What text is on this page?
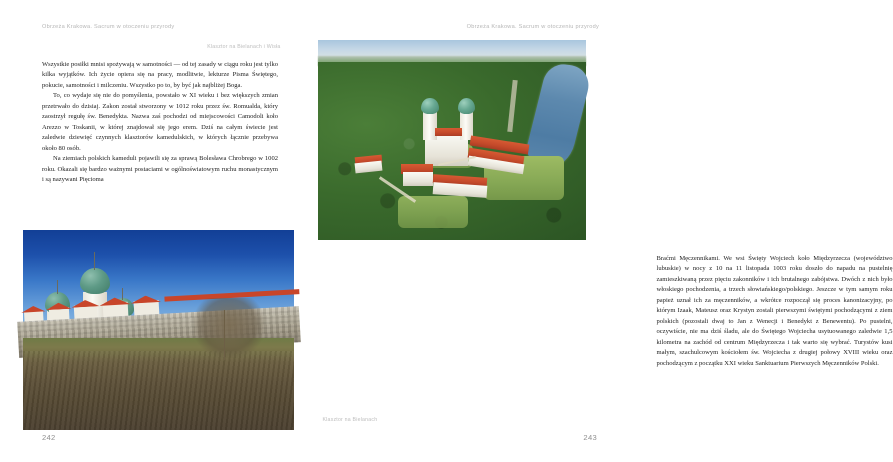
Obrzeża Krakowa. Sacrum w otoczeniu przyrody
Klasztor na Bielanach i Wisła

Wszystkie posiłki mnisi spożywają w samotności — od tej zasady w ciągu roku jest tylko kilka wyjątków. Ich życie opiera się na pracy, modlitwie, lekturze Pisma Świętego, pokucie, samotności i milczeniu. Wszystko po to, by być jak najbliżej Boga.

To, co wydaje się nie do pomyślenia, powstało w XI wieku i bez większych zmian przetrwało do dzisiaj. Zakon został stworzony w 1012 roku przez św. Romualda, który zaostrzył regułę św. Benedykta. Nazwa zaś pochodzi od miejscowości Camodoli koło Arezzo w Toskanii, w której znajdował się jego erem. Dziś na całym świecie jest zaledwie dziewięć czynnych klasztorów kamedulskich, w których łącznie przebywa około 80 osób.

Na ziemiach polskich kameduli pojawili się za sprawą Bolesława Chrobrego w 1002 roku. Okazali się bardzo ważnymi postaciami w ogólnoświatowym ruchu monastycznym i są nazywani Pięcioma

242
Obrzeża Krakowa. Sacrum w otoczeniu przyrody

Braćmi Męczennikami. We wsi Święty Wojciech koło Międzyrzecza (województwo lubuskie) w nocy z 10 na 11 listopada 1003 roku doszło do napadu na pustelnię zamieszkiwaną przez pięciu zakonników i ich brutalnego zabójstwa. Dwóch z nich było włoskiego pochodzenia, a trzech słowiańskiego/polskiego. Jeszcze w tym samym roku papież uznał ich za męczenników, a wkrótce rozpoczął się proces kanonizacyjny, po którym Izaak, Mateusz oraz Krystyn zostali pierwszymi świętymi pochodzącymi z ziem polskich (pozostali dwaj to Jan z Wenecji i Benedykt z Benewentu). Po pustelni, oczywiście, nie ma dziś śladu, ale do Świętego Wojciecha usytuowanego zaledwie 1,5 kilometra na zachód od centrum Międzyrzecza i tak warto się wybrać. Turystów kusi małym, szachulcowym kościołem św. Wojciecha z drugiej połowy XVIII wieku oraz pochodzącym z początku XXI wieku Sanktuarium Pierwszych Męczenników Polski.

Klasztor na Bielanach
243
